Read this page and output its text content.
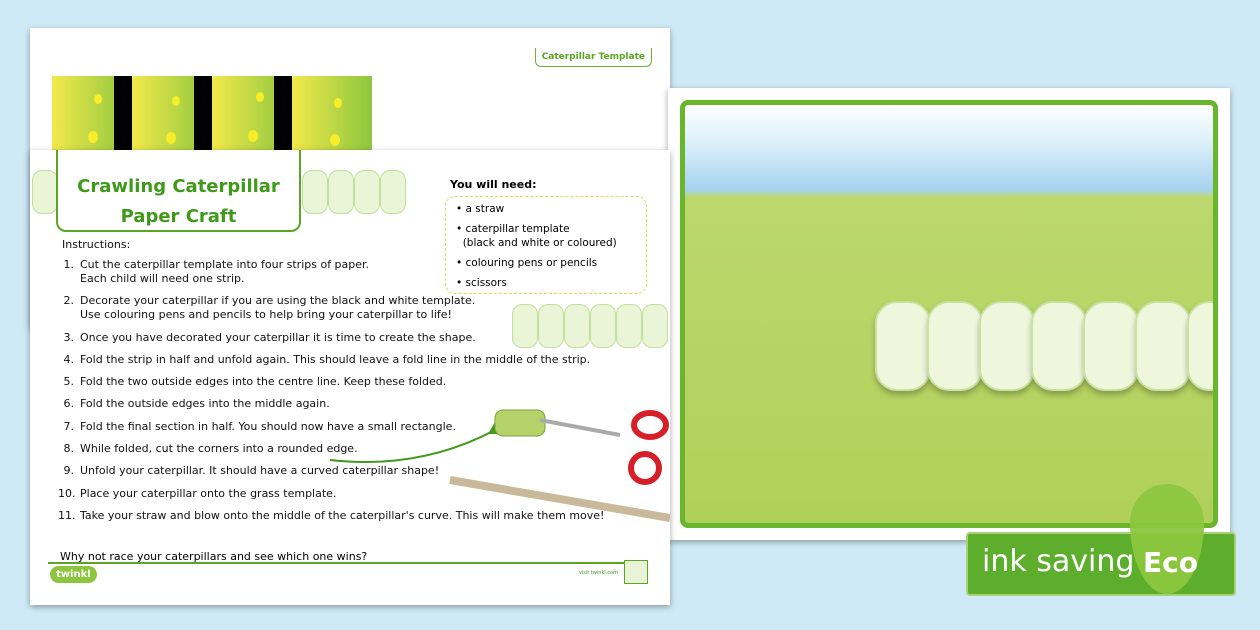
Caterpillar Template
Crawling Caterpillar
Paper Craft
Instructions:
1. Cut the caterpillar template into four strips of paper.
Each child will need one strip.
2. Decorate your caterpillar if you are using the black and white template.
Use colouring pens and pencils to help bring your caterpillar to life!
3. Once you have decorated your caterpillar it is time to create the shape.
4. Fold the strip in half and unfold again. This should leave a fold line in the middle of the strip.
5. Fold the two outside edges into the centre line. Keep these folded.
6. Fold the outside edges into the middle again.
7. Fold the final section in half. You should now have a small rectangle.
8. While folded, cut the corners into a rounded edge.
9. Unfold your caterpillar. It should have a curved caterpillar shape!
10. Place your caterpillar onto the grass template.
11. Take your straw and blow onto the middle of the caterpillar's curve. This will make them move!
Why not race your caterpillars and see which one wins?
You will need:
• a straw
• caterpillar template
(black and white or coloured)
• colouring pens or pencils
• scissors
twinkl	visit twinkl.com	ink saving Eco
